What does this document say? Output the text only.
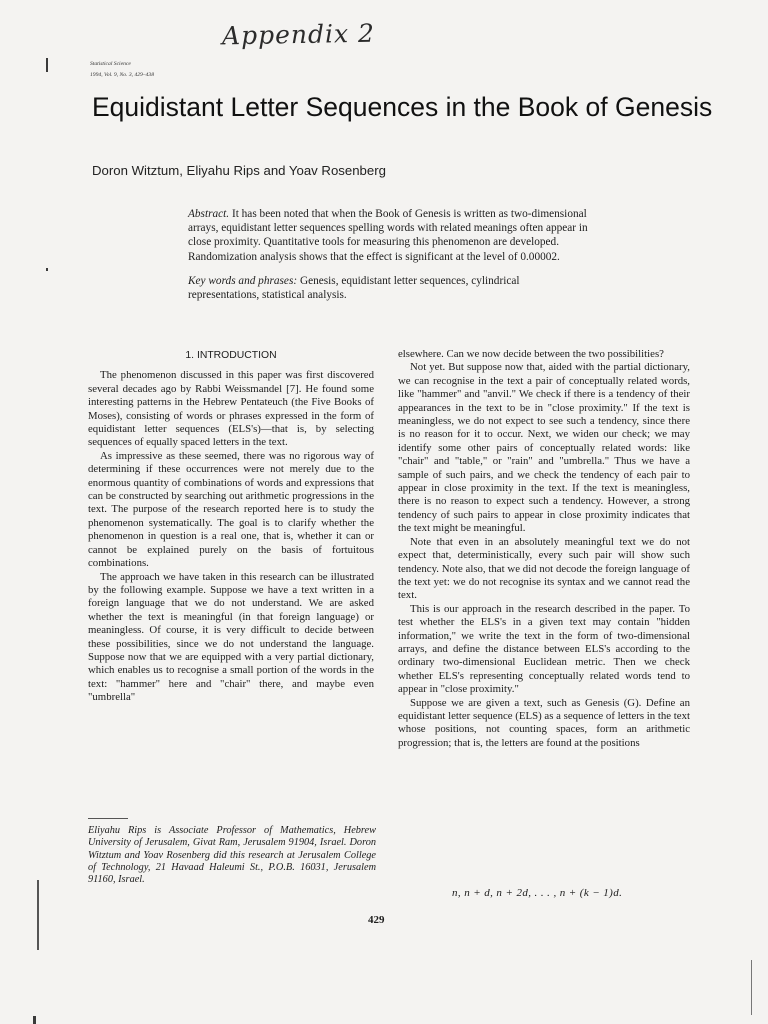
Appendix 2
Statistical Science
1994, Vol. 9, No. 3, 429–438
Equidistant Letter Sequences in the Book of Genesis
Doron Witztum, Eliyahu Rips and Yoav Rosenberg

Abstract. It has been noted that when the Book of Genesis is written as two-dimensional arrays, equidistant letter sequences spelling words with related meanings often appear in close proximity. Quantitative tools for measuring this phenomenon are developed. Randomization analysis shows that the effect is significant at the level of 0.00002.

Key words and phrases: Genesis, equidistant letter sequences, cylindrical representations, statistical analysis.

1. INTRODUCTION

The phenomenon discussed in this paper was first discovered several decades ago by Rabbi Weissmandel [7]. He found some interesting patterns in the Hebrew Pentateuch (the Five Books of Moses), consisting of words or phrases expressed in the form of equidistant letter sequences (ELS's)—that is, by selecting sequences of equally spaced letters in the text.

As impressive as these seemed, there was no rigorous way of determining if these occurrences were not merely due to the enormous quantity of combinations of words and expressions that can be constructed by searching out arithmetic progressions in the text. The purpose of the research reported here is to study the phenomenon systematically. The goal is to clarify whether the phenomenon in question is a real one, that is, whether it can or cannot be explained purely on the basis of fortuitous combinations.

The approach we have taken in this research can be illustrated by the following example. Suppose we have a text written in a foreign language that we do not understand. We are asked whether the text is meaningful (in that foreign language) or meaningless. Of course, it is very difficult to decide between these possibilities, since we do not understand the language. Suppose now that we are equipped with a very partial dictionary, which enables us to recognise a small portion of the words in the text: "hammer" here and "chair" there, and maybe even "umbrella"

elsewhere. Can we now decide between the two possibilities?

Not yet. But suppose now that, aided with the partial dictionary, we can recognise in the text a pair of conceptually related words, like "hammer" and "anvil." We check if there is a tendency of their appearances in the text to be in "close proximity." If the text is meaningless, we do not expect to see such a tendency, since there is no reason for it to occur. Next, we widen our check; we may identify some other pairs of conceptually related words: like "chair" and "table," or "rain" and "umbrella." Thus we have a sample of such pairs, and we check the tendency of each pair to appear in close proximity in the text. If the text is meaningless, there is no reason to expect such a tendency. However, a strong tendency of such pairs to appear in close proximity indicates that the text might be meaningful.

Note that even in an absolutely meaningful text we do not expect that, deterministically, every such pair will show such tendency. Note also, that we did not decode the foreign language of the text yet: we do not recognise its syntax and we cannot read the text.

This is our approach in the research described in the paper. To test whether the ELS's in a given text may contain "hidden information," we write the text in the form of two-dimensional arrays, and define the distance between ELS's according to the ordinary two-dimensional Euclidean metric. Then we check whether ELS's representing conceptually related words tend to appear in "close proximity."

Suppose we are given a text, such as Genesis (G). Define an equidistant letter sequence (ELS) as a sequence of letters in the text whose positions, not counting spaces, form an arithmetic progression; that is, the letters are found at the positions

n, n + d, n + 2d, . . . , n + (k − 1)d.
Eliyahu Rips is Associate Professor of Mathematics, Hebrew University of Jerusalem, Givat Ram, Jerusalem 91904, Israel. Doron Witztum and Yoav Rosenberg did this research at Jerusalem College of Technology, 21 Havaad Haleumi St., P.O.B. 16031, Jerusalem 91160, Israel.
429
